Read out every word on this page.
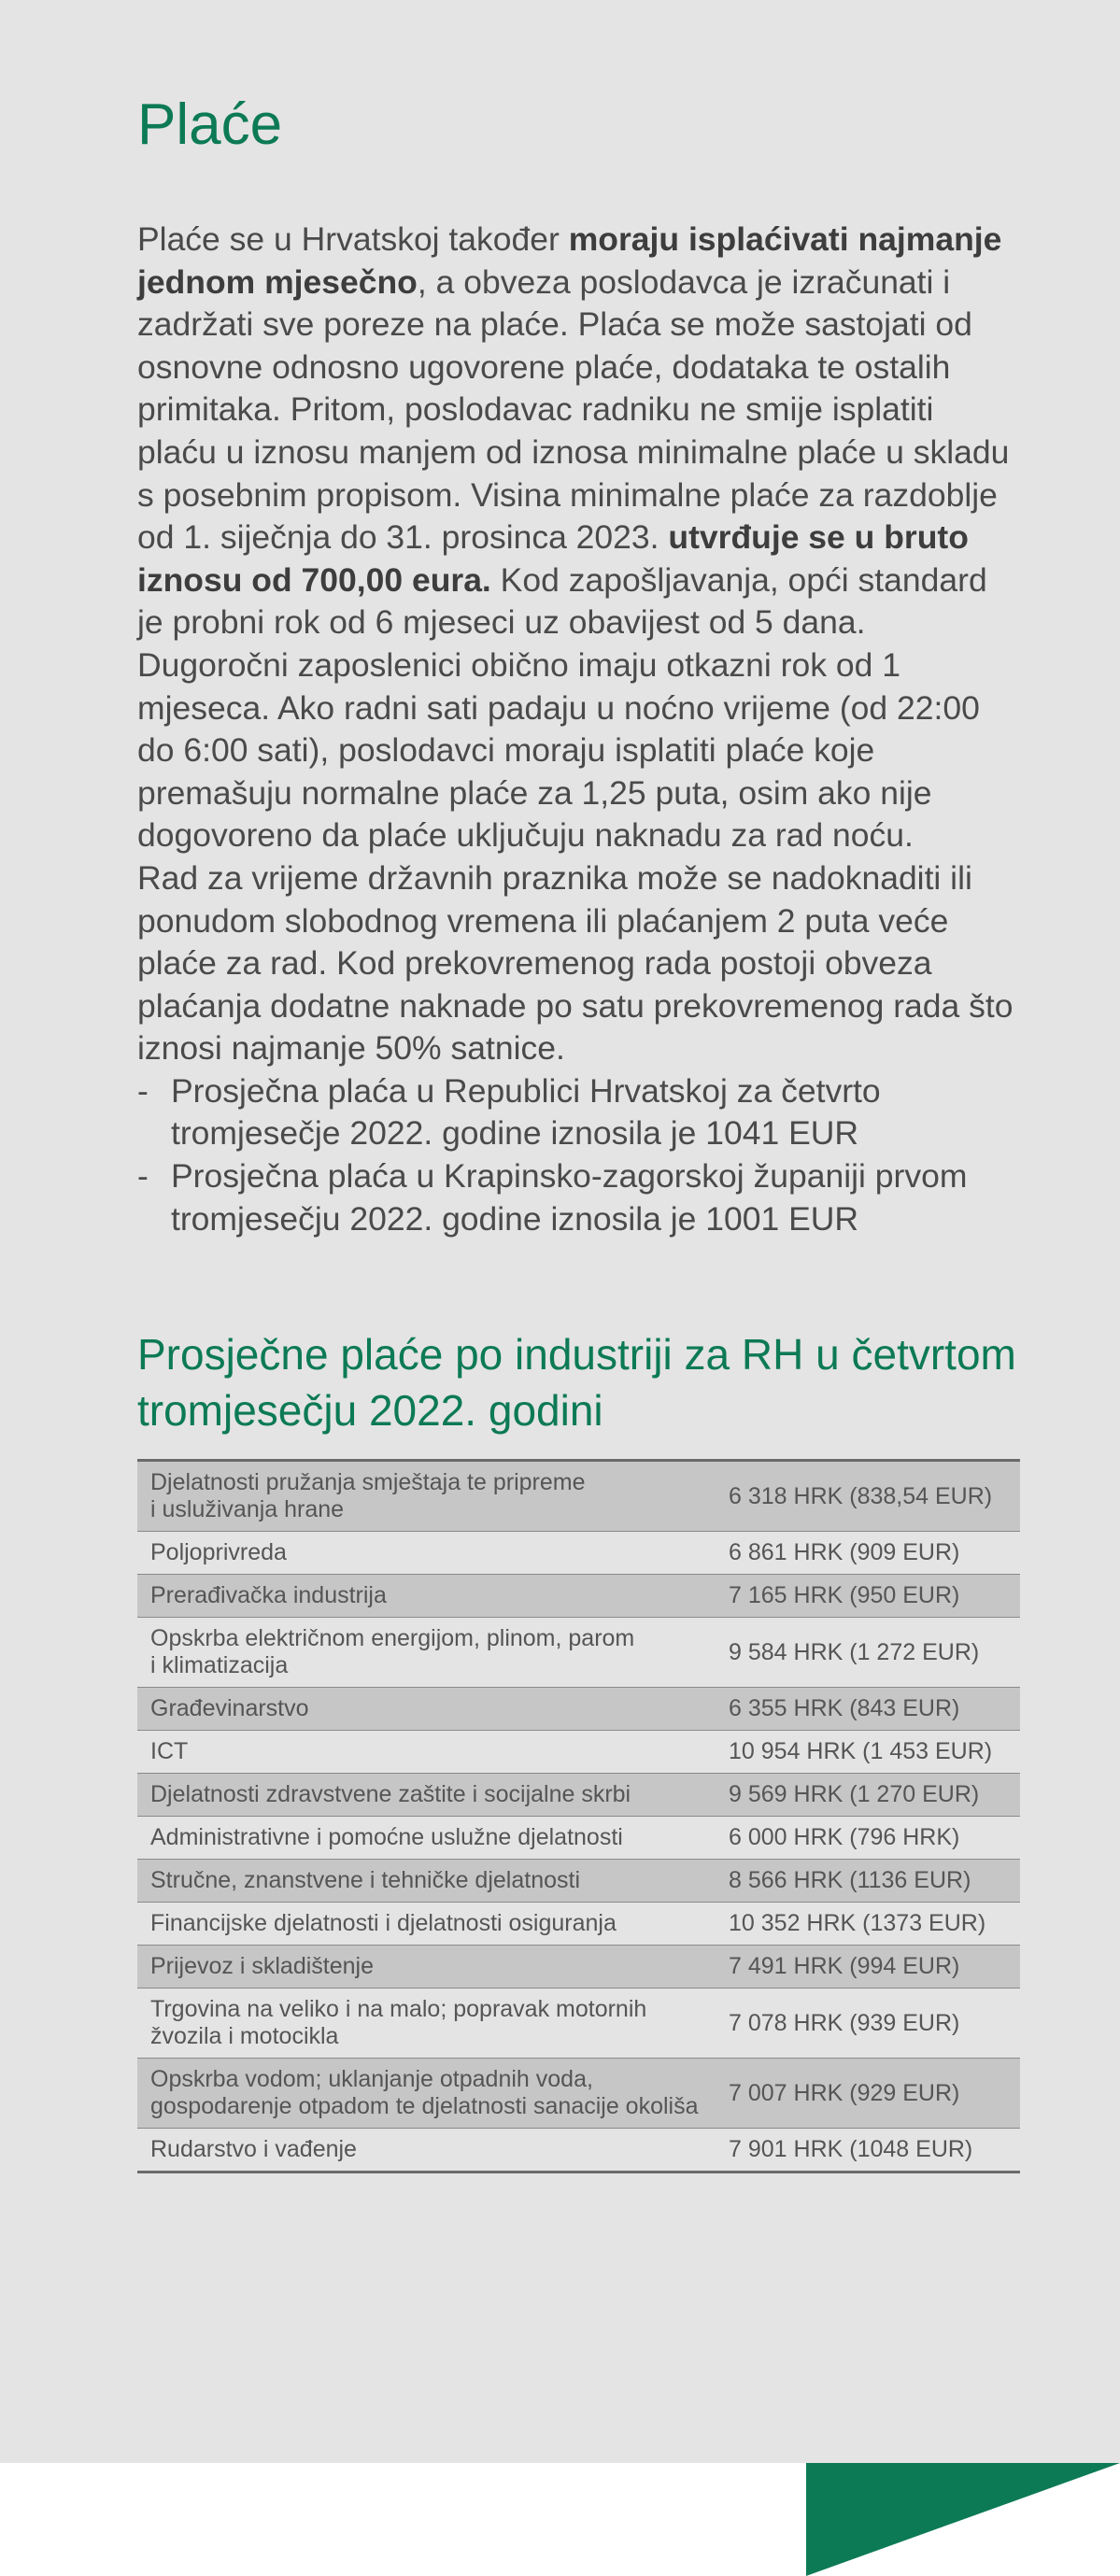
Plaće

Plaće se u Hrvatskoj također moraju isplaćivati najmanje jednom mjesečno, a obveza poslodavca je izračunati i zadržati sve poreze na plaće. Plaća se može sastojati od osnovne odnosno ugovorene plaće, dodataka te ostalih primitaka. Pritom, poslodavac radniku ne smije isplatiti plaću u iznosu manjem od iznosa minimalne plaće u skladu s posebnim propisom. Visina minimalne plaće za razdoblje od 1. siječnja do 31. prosinca 2023. utvrđuje se u bruto iznosu od 700,00 eura. Kod zapošljavanja, opći standard je probni rok od 6 mjeseci uz obavijest od 5 dana. Dugoročni zaposlenici obično imaju otkazni rok od 1 mjeseca. Ako radni sati padaju u noćno vrijeme (od 22:00 do 6:00 sati), poslodavci moraju isplatiti plaće koje premašuju normalne plaće za 1,25 puta, osim ako nije dogovoreno da plaće uključuju naknadu za rad noću.

Rad za vrijeme državnih praznika može se nadoknaditi ili ponudom slobodnog vremena ili plaćanjem 2 puta veće plaće za rad. Kod prekovremenog rada postoji obveza plaćanja dodatne naknade po satu prekovremenog rada što iznosi najmanje 50% satnice.

- Prosječna plaća u Republici Hrvatskoj za četvrto tromjesečje 2022. godine iznosila je 1041 EUR
- Prosječna plaća u Krapinsko-zagorskoj županiji prvom tromjesečju 2022. godine iznosila je 1001 EUR
Prosječne plaće po industriji za RH u četvrtom tromjesečju 2022. godini
Djelatnosti pružanja smještaja te pripreme
i usluživanja hrane	6 318 HRK (838,54 EUR)
Poljoprivreda	6 861 HRK (909 EUR)
Prerađivačka industrija	7 165 HRK (950 EUR)
Opskrba električnom energijom, plinom, parom
i klimatizacija	9 584 HRK (1 272 EUR)
Građevinarstvo	6 355 HRK (843 EUR)
ICT	10 954 HRK (1 453 EUR)
Djelatnosti zdravstvene zaštite i socijalne skrbi	9 569 HRK (1 270 EUR)
Administrativne i pomoćne uslužne djelatnosti	6 000 HRK (796 HRK)
Stručne, znanstvene i tehničke djelatnosti	8 566 HRK (1136 EUR)
Financijske djelatnosti i djelatnosti osiguranja	10 352 HRK (1373 EUR)
Prijevoz i skladištenje	7 491 HRK (994 EUR)
Trgovina na veliko i na malo; popravak motornih
žvozila i motocikla	7 078 HRK (939 EUR)
Opskrba vodom; uklanjanje otpadnih voda,
gospodarenje otpadom te djelatnosti sanacije okoliša	7 007 HRK (929 EUR)
Rudarstvo i vađenje	7 901 HRK (1048 EUR)
